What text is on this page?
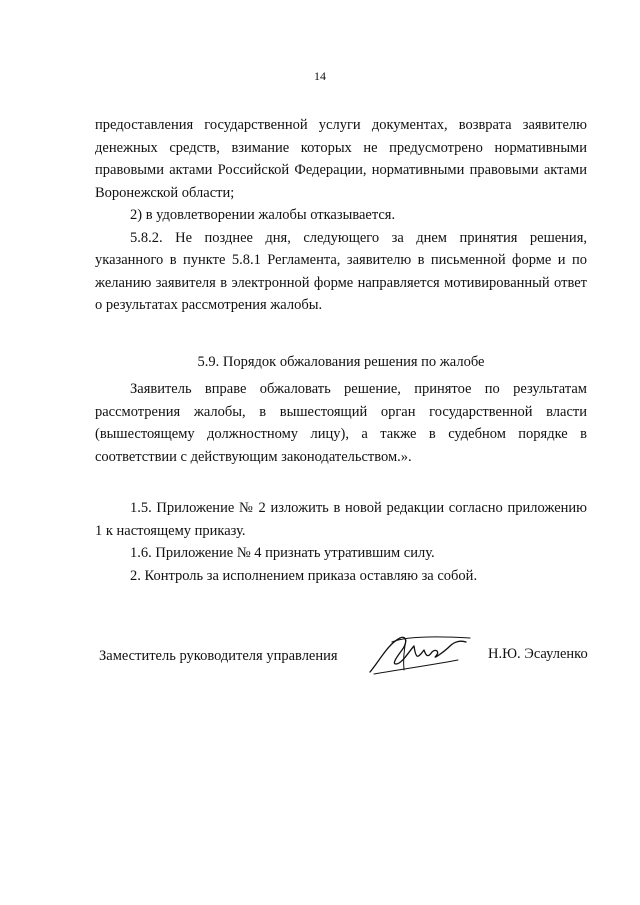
14

предоставления государственной услуги документах, возврата заявителю денежных средств, взимание которых не предусмотрено нормативными правовыми актами Российской Федерации, нормативными правовыми актами Воронежской области;

2) в удовлетворении жалобы отказывается.

5.8.2. Не позднее дня, следующего за днем принятия решения, указанного в пункте 5.8.1 Регламента, заявителю в письменной форме и по желанию заявителя в электронной форме направляется мотивированный ответ о результатах рассмотрения жалобы.

5.9. Порядок обжалования решения по жалобе

Заявитель вправе обжаловать решение, принятое по результатам рассмотрения жалобы, в вышестоящий орган государственной власти (вышестоящему должностному лицу), а также в судебном порядке в соответствии с действующим законодательством.».

1.5. Приложение № 2 изложить в новой редакции согласно приложению 1 к настоящему приказу.

1.6. Приложение № 4 признать утратившим силу.

2. Контроль за исполнением приказа оставляю за собой.

Заместитель руководителя управления	Н.Ю. Эсауленко
